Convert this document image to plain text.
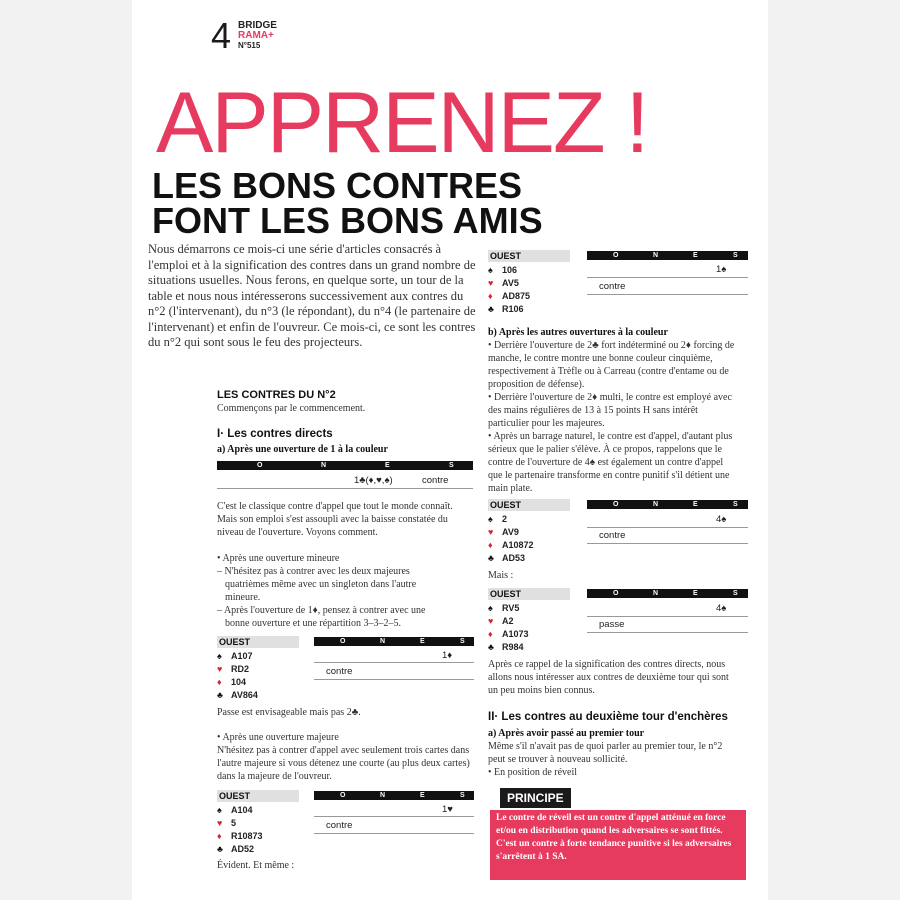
4 BRIDGE
RAMA+
N°515
APPRENEZ !
LES BONS CONTRES
FONT LES BONS AMIS
Nous démarrons ce mois-ci une série d'articles consacrés à l'emploi et à la signification des contres dans un grand nombre de situations usuelles. Nous ferons, en quelque sorte, un tour de la table et nous nous intéresserons successivement aux contres du n°2 (l'intervenant), du n°3 (le répondant), du n°4 (le partenaire de l'intervenant) et enfin de l'ouvreur. Ce mois-ci, ce sont les contres du n°2 qui sont sous le feu des projecteurs.
LES CONTRES DU N°2
Commençons par le commencement.
I· Les contres directs
a) Après une ouverture de 1 à la couleur
O	N	E	S
1♣(♦,♥,♠)	contre
C'est le classique contre d'appel que tout le monde connaît. Mais son emploi s'est assoupli avec la baisse constatée du niveau de l'ouverture. Voyons comment.
• Après une ouverture mineure
– N'hésitez pas à contrer avec les deux majeures
quatrièmes même avec un singleton dans l'autre
mineure.
– Après l'ouverture de 1♦, pensez à contrer avec une
bonne ouverture et une répartition 3–3–2–5.
OUEST
♠ A107
♥ RD2
♦ 104
♣ AV864
O	N	E	S
1♦
contre
Passe est envisageable mais pas 2♣.
• Après une ouverture majeure
N'hésitez pas à contrer d'appel avec seulement trois cartes dans l'autre majeure si vous détenez une courte (au plus deux cartes) dans la majeure de l'ouvreur.
OUEST
♠ A104
♥ 5
♦ R10873
♣ AD52
O	N	E	S
1♥
contre
Évident. Et même :
OUEST
♠ 106
♥ AV5
♦ AD875
♣ R106
O	N	E	S
1♠
contre
b) Après les autres ouvertures à la couleur
• Derrière l'ouverture de 2♣ fort indéterminé ou 2♦ forcing de manche, le contre montre une bonne couleur cinquième, respectivement à Trèfle ou à Carreau (contre d'entame ou de proposition de défense).
• Derrière l'ouverture de 2♦ multi, le contre est employé avec des mains régulières de 13 à 15 points H sans intérêt particulier pour les majeures.
• Après un barrage naturel, le contre est d'appel, d'autant plus sérieux que le palier s'élève. À ce propos, rappelons que le contre de l'ouverture de 4♠ est également un contre d'appel que le partenaire transforme en contre punitif s'il détient une main plate.
OUEST
♠ 2
♥ AV9
♦ A10872
♣ AD53
O	N	E	S
4♠
contre
Mais :
OUEST
♠ RV5
♥ A2
♦ A1073
♣ R984
O	N	E	S
4♠
passe
Après ce rappel de la signification des contres directs, nous allons nous intéresser aux contres de deuxième tour qui sont un peu moins bien connus.
II· Les contres au deuxième tour d'enchères
a) Après avoir passé au premier tour
Même s'il n'avait pas de quoi parler au premier tour, le n°2 peut se trouver à nouveau sollicité.
• En position de réveil
PRINCIPE
Le contre de réveil est un contre d'appel atténué en force et/ou en distribution quand les adversaires se sont fittés. C'est un contre à forte tendance punitive si les adversaires s'arrêtent à 1 SA.
